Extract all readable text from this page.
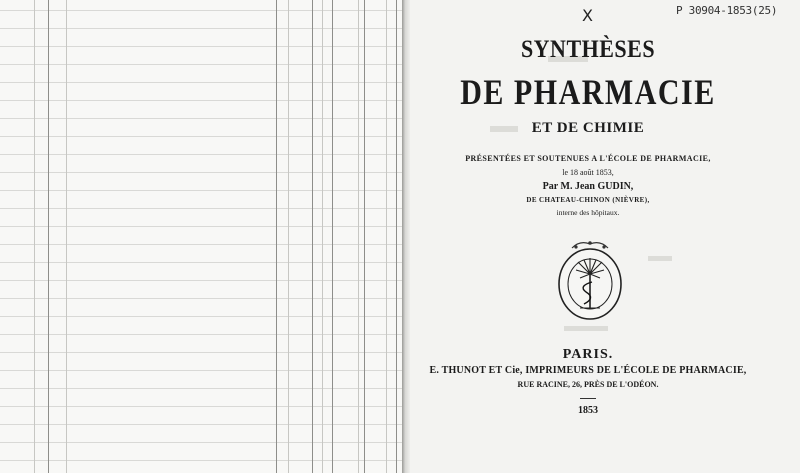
SYNTHÈSES
DE PHARMACIE
ET DE CHIMIE
PRÉSENTÉES ET SOUTENUES A L'ÉCOLE DE PHARMACIE,
le 18 août 1853,
Par M. Jean GUDIN,
DE CHATEAU-CHINON (NIÈVRE),
interne des hôpitaux.
PARIS.
E. THUNOT ET Cie, IMPRIMEURS DE L'ÉCOLE DE PHARMACIE,
RUE RACINE, 26, PRÈS DE L'ODÉON.
1853
X	P 30904-1853(25)
